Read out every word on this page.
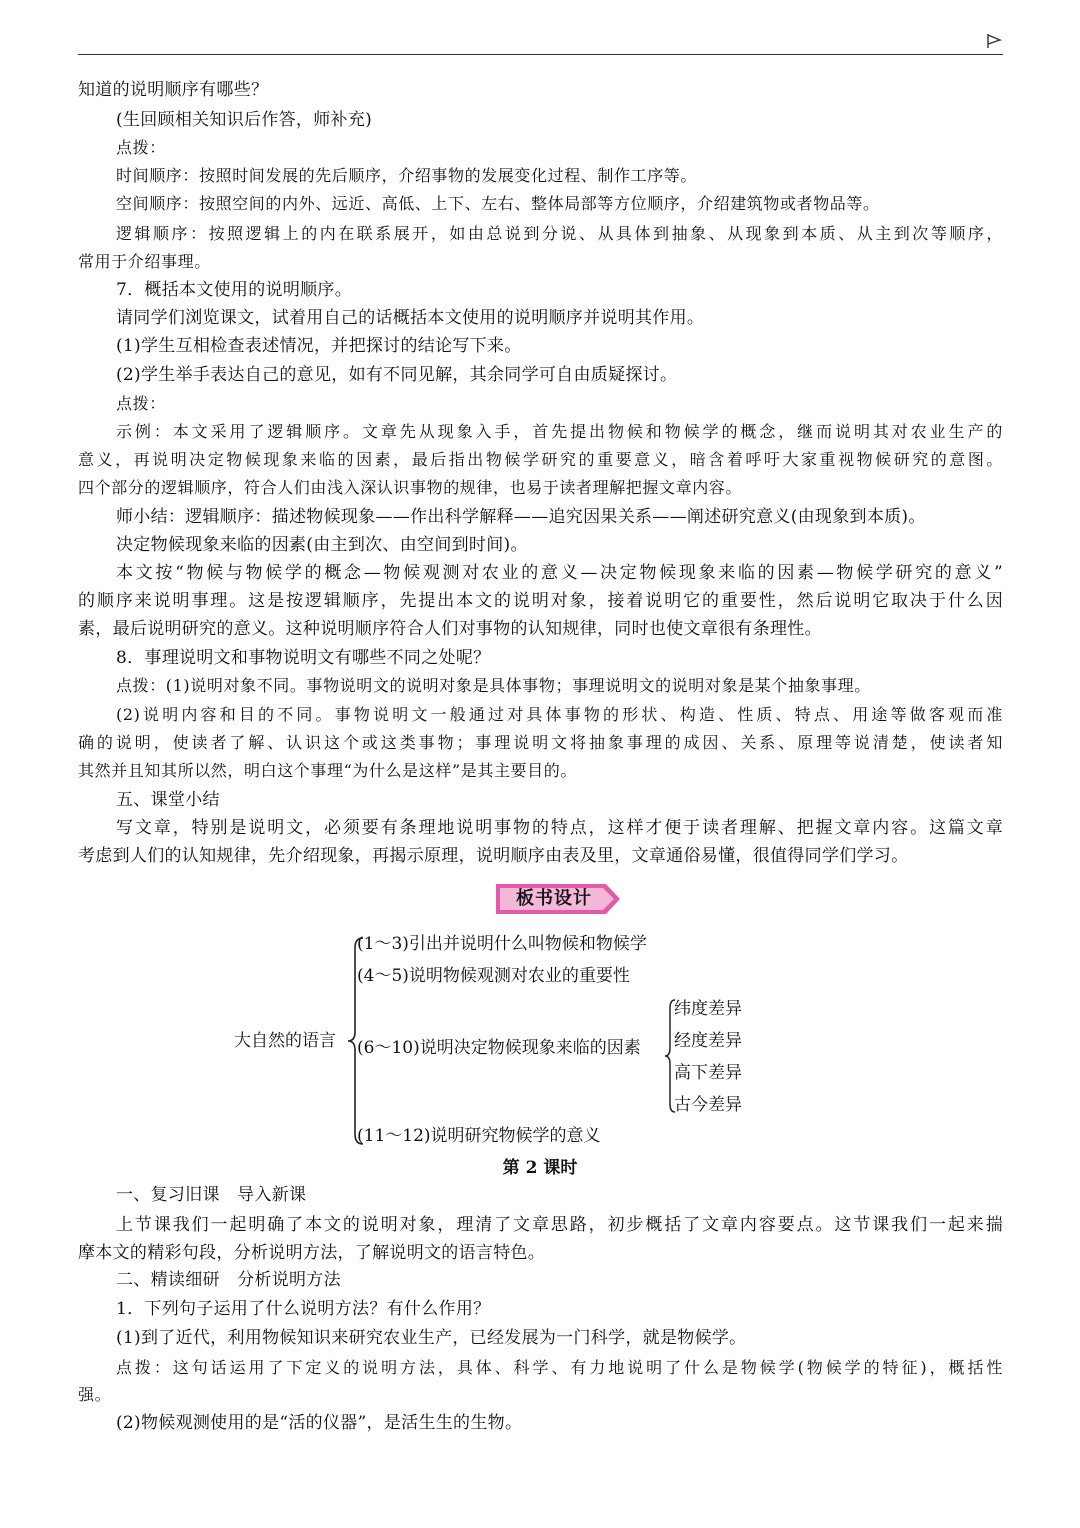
知道的说明顺序有哪些？
(生回顾相关知识后作答，师补充)
点拨：
时间顺序：按照时间发展的先后顺序，介绍事物的发展变化过程、制作工序等。
空间顺序：按照空间的内外、远近、高低、上下、左右、整体局部等方位顺序，介绍建筑物或者物品等。
逻辑顺序：按照逻辑上的内在联系展开，如由总说到分说、从具体到抽象、从现象到本质、从主到次等顺序，
常用于介绍事理。
7．概括本文使用的说明顺序。
请同学们浏览课文，试着用自己的话概括本文使用的说明顺序并说明其作用。
(1)学生互相检查表述情况，并把探讨的结论写下来。
(2)学生举手表达自己的意见，如有不同见解，其余同学可自由质疑探讨。
点拨：
示例：本文采用了逻辑顺序。文章先从现象入手，首先提出物候和物候学的概念，继而说明其对农业生产的
意义，再说明决定物候现象来临的因素，最后指出物候学研究的重要意义，暗含着呼吁大家重视物候研究的意图。
四个部分的逻辑顺序，符合人们由浅入深认识事物的规律，也易于读者理解把握文章内容。
师小结：逻辑顺序：描述物候现象——作出科学解释——追究因果关系——阐述研究意义(由现象到本质)。
决定物候现象来临的因素(由主到次、由空间到时间)。
本文按“物候与物候学的概念—物候观测对农业的意义—决定物候现象来临的因素—物候学研究的意义”
的顺序来说明事理。这是按逻辑顺序，先提出本文的说明对象，接着说明它的重要性，然后说明它取决于什么因
素，最后说明研究的意义。这种说明顺序符合人们对事物的认知规律，同时也使文章很有条理性。
8．事理说明文和事物说明文有哪些不同之处呢？
点拨：(1)说明对象不同。事物说明文的说明对象是具体事物；事理说明文的说明对象是某个抽象事理。
(2)说明内容和目的不同。事物说明文一般通过对具体事物的形状、构造、性质、特点、用途等做客观而准
确的说明，使读者了解、认识这个或这类事物；事理说明文将抽象事理的成因、关系、原理等说清楚，使读者知
其然并且知其所以然，明白这个事理“为什么是这样”是其主要目的。
五、课堂小结
写文章，特别是说明文，必须要有条理地说明事物的特点，这样才便于读者理解、把握文章内容。这篇文章
考虑到人们的认知规律，先介绍现象，再揭示原理，说明顺序由表及里，文章通俗易懂，很值得同学们学习。
板书设计
大自然的语言
(1～3)引出并说明什么叫物候和物候学
(4～5)说明物候观测对农业的重要性
(6～10)说明决定物候现象来临的因素
(11～12)说明研究物候学的意义
纬度差异
经度差异
高下差异
古今差异
第 2 课时
一、复习旧课　导入新课
上节课我们一起明确了本文的说明对象，理清了文章思路，初步概括了文章内容要点。这节课我们一起来揣
摩本文的精彩句段，分析说明方法，了解说明文的语言特色。
二、精读细研　分析说明方法
1．下列句子运用了什么说明方法？有什么作用？
(1)到了近代，利用物候知识来研究农业生产，已经发展为一门科学，就是物候学。
点拨：这句话运用了下定义的说明方法，具体、科学、有力地说明了什么是物候学(物候学的特征)，概括性
强。
(2)物候观测使用的是“活的仪器”，是活生生的生物。
